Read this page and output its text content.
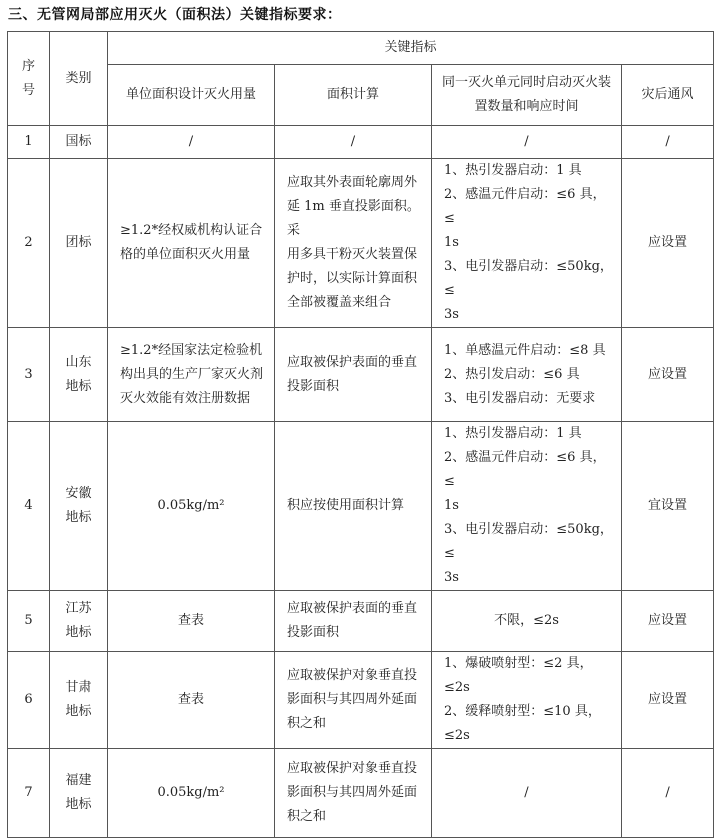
三、无管网局部应用灭火（面积法）关键指标要求：
序
号	类别	关键指标			
		单位面积设计灭火用量	面积计算	同一灭火单元同时启动灭火装
置数量和响应时间	灾后通风
1	国标	/	/	/	/
2	团标	≥1.2*经权威机构认证合
格的单位面积灭火用量	应取其外表面轮廓周外
延 1m 垂直投影面积。采
用多具干粉灭火装置保
护时，以实际计算面积
全部被覆盖来组合	1、热引发器启动：1 具
2、感温元件启动：≤6 具，≤
1s
3、电引发器启动：≤50kg，≤
3s	应设置
3	山东
地标	≥1.2*经国家法定检验机
构出具的生产厂家灭火剂
灭火效能有效注册数据	应取被保护表面的垂直
投影面积	1、单感温元件启动：≤8 具
2、热引发启动：≤6 具
3、电引发器启动：无要求	应设置
4	安徽
地标	0.05kg/m²	积应按使用面积计算	1、热引发器启动：1 具
2、感温元件启动：≤6 具，≤
1s
3、电引发器启动：≤50kg，≤
3s	宜设置
5	江苏
地标	查表	应取被保护表面的垂直
投影面积	不限，≤2s	应设置
6	甘肃
地标	查表	应取被保护对象垂直投
影面积与其四周外延面
积之和	1、爆破喷射型：≤2 具，≤2s
2、缓释喷射型：≤10 具，≤2s	应设置
7	福建
地标	0.05kg/m²	应取被保护对象垂直投
影面积与其四周外延面
积之和	/	/
